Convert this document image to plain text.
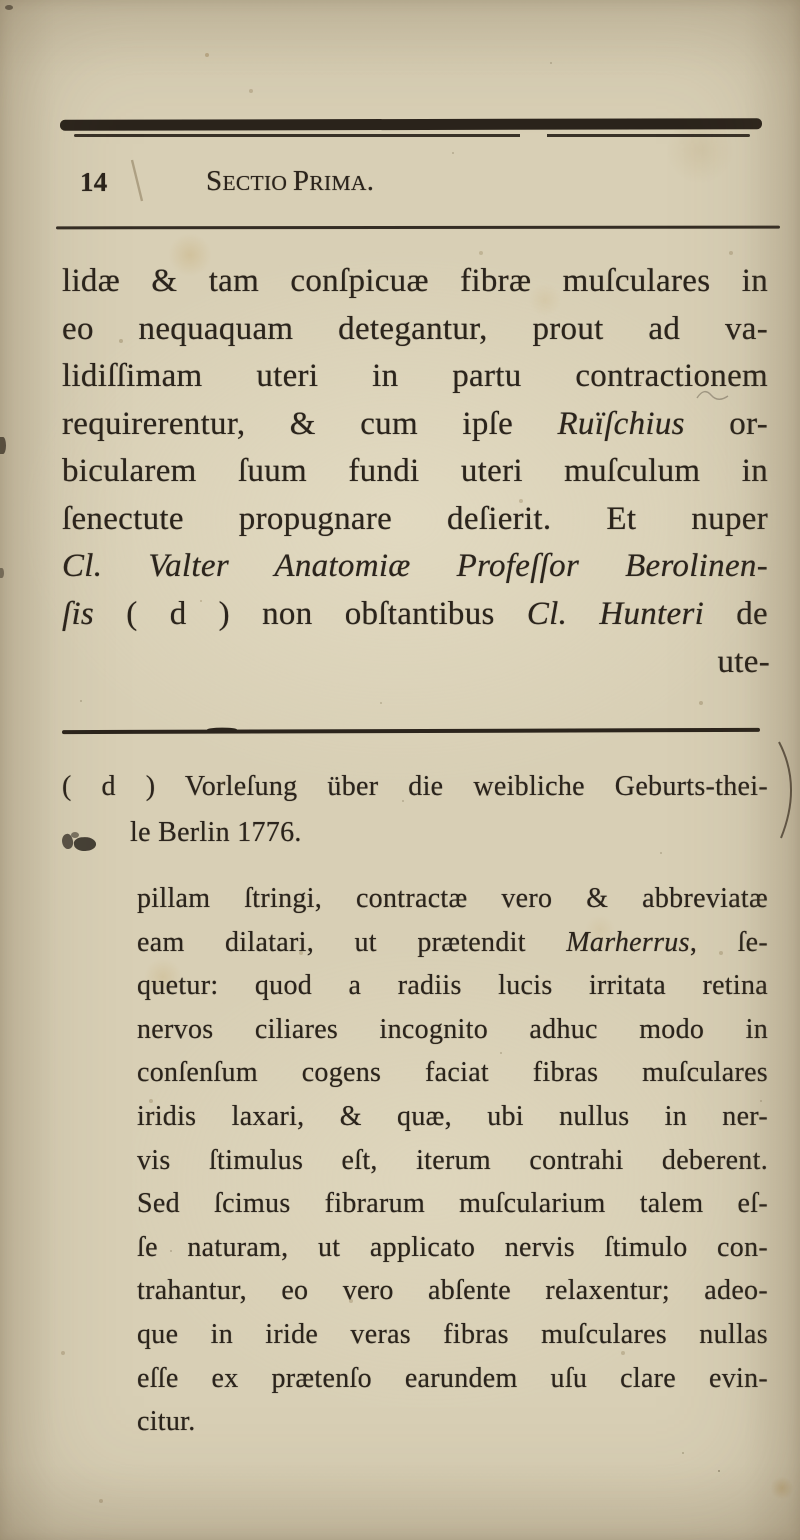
14	SECTIO PRIMA.
lidæ & tam conſpicuæ fibræ muſculares in
eo nequaquam detegantur, prout ad va-
lidiſſimam uteri in partu contractionem
requirerentur, & cum ipſe Ruïſchius or-
bicularem ſuum fundi uteri muſculum in
ſenectute propugnare deſierit. Et nuper
Cl. Valter Anatomiæ Profeſſor Berolinen-
ſis ( d ) non obſtantibus Cl. Hunteri de
ute-
( d ) Vorleſung über die weibliche Geburts-thei-
le Berlin 1776.
pillam ſtringi, contractæ vero & abbreviatæ
eam dilatari, ut prætendit Marherrus, ſe-
quetur: quod a radiis lucis irritata retina
nervos ciliares incognito adhuc modo in
conſenſum cogens faciat fibras muſculares
iridis laxari, & quæ, ubi nullus in ner-
vis ſtimulus eſt, iterum contrahi deberent.
Sed ſcimus fibrarum muſcularium talem eſ-
ſe naturam, ut applicato nervis ſtimulo con-
trahantur, eo vero abſente relaxentur; adeo-
que in iride veras fibras muſculares nullas
eſſe ex prætenſo earundem uſu clare evin-
citur.
